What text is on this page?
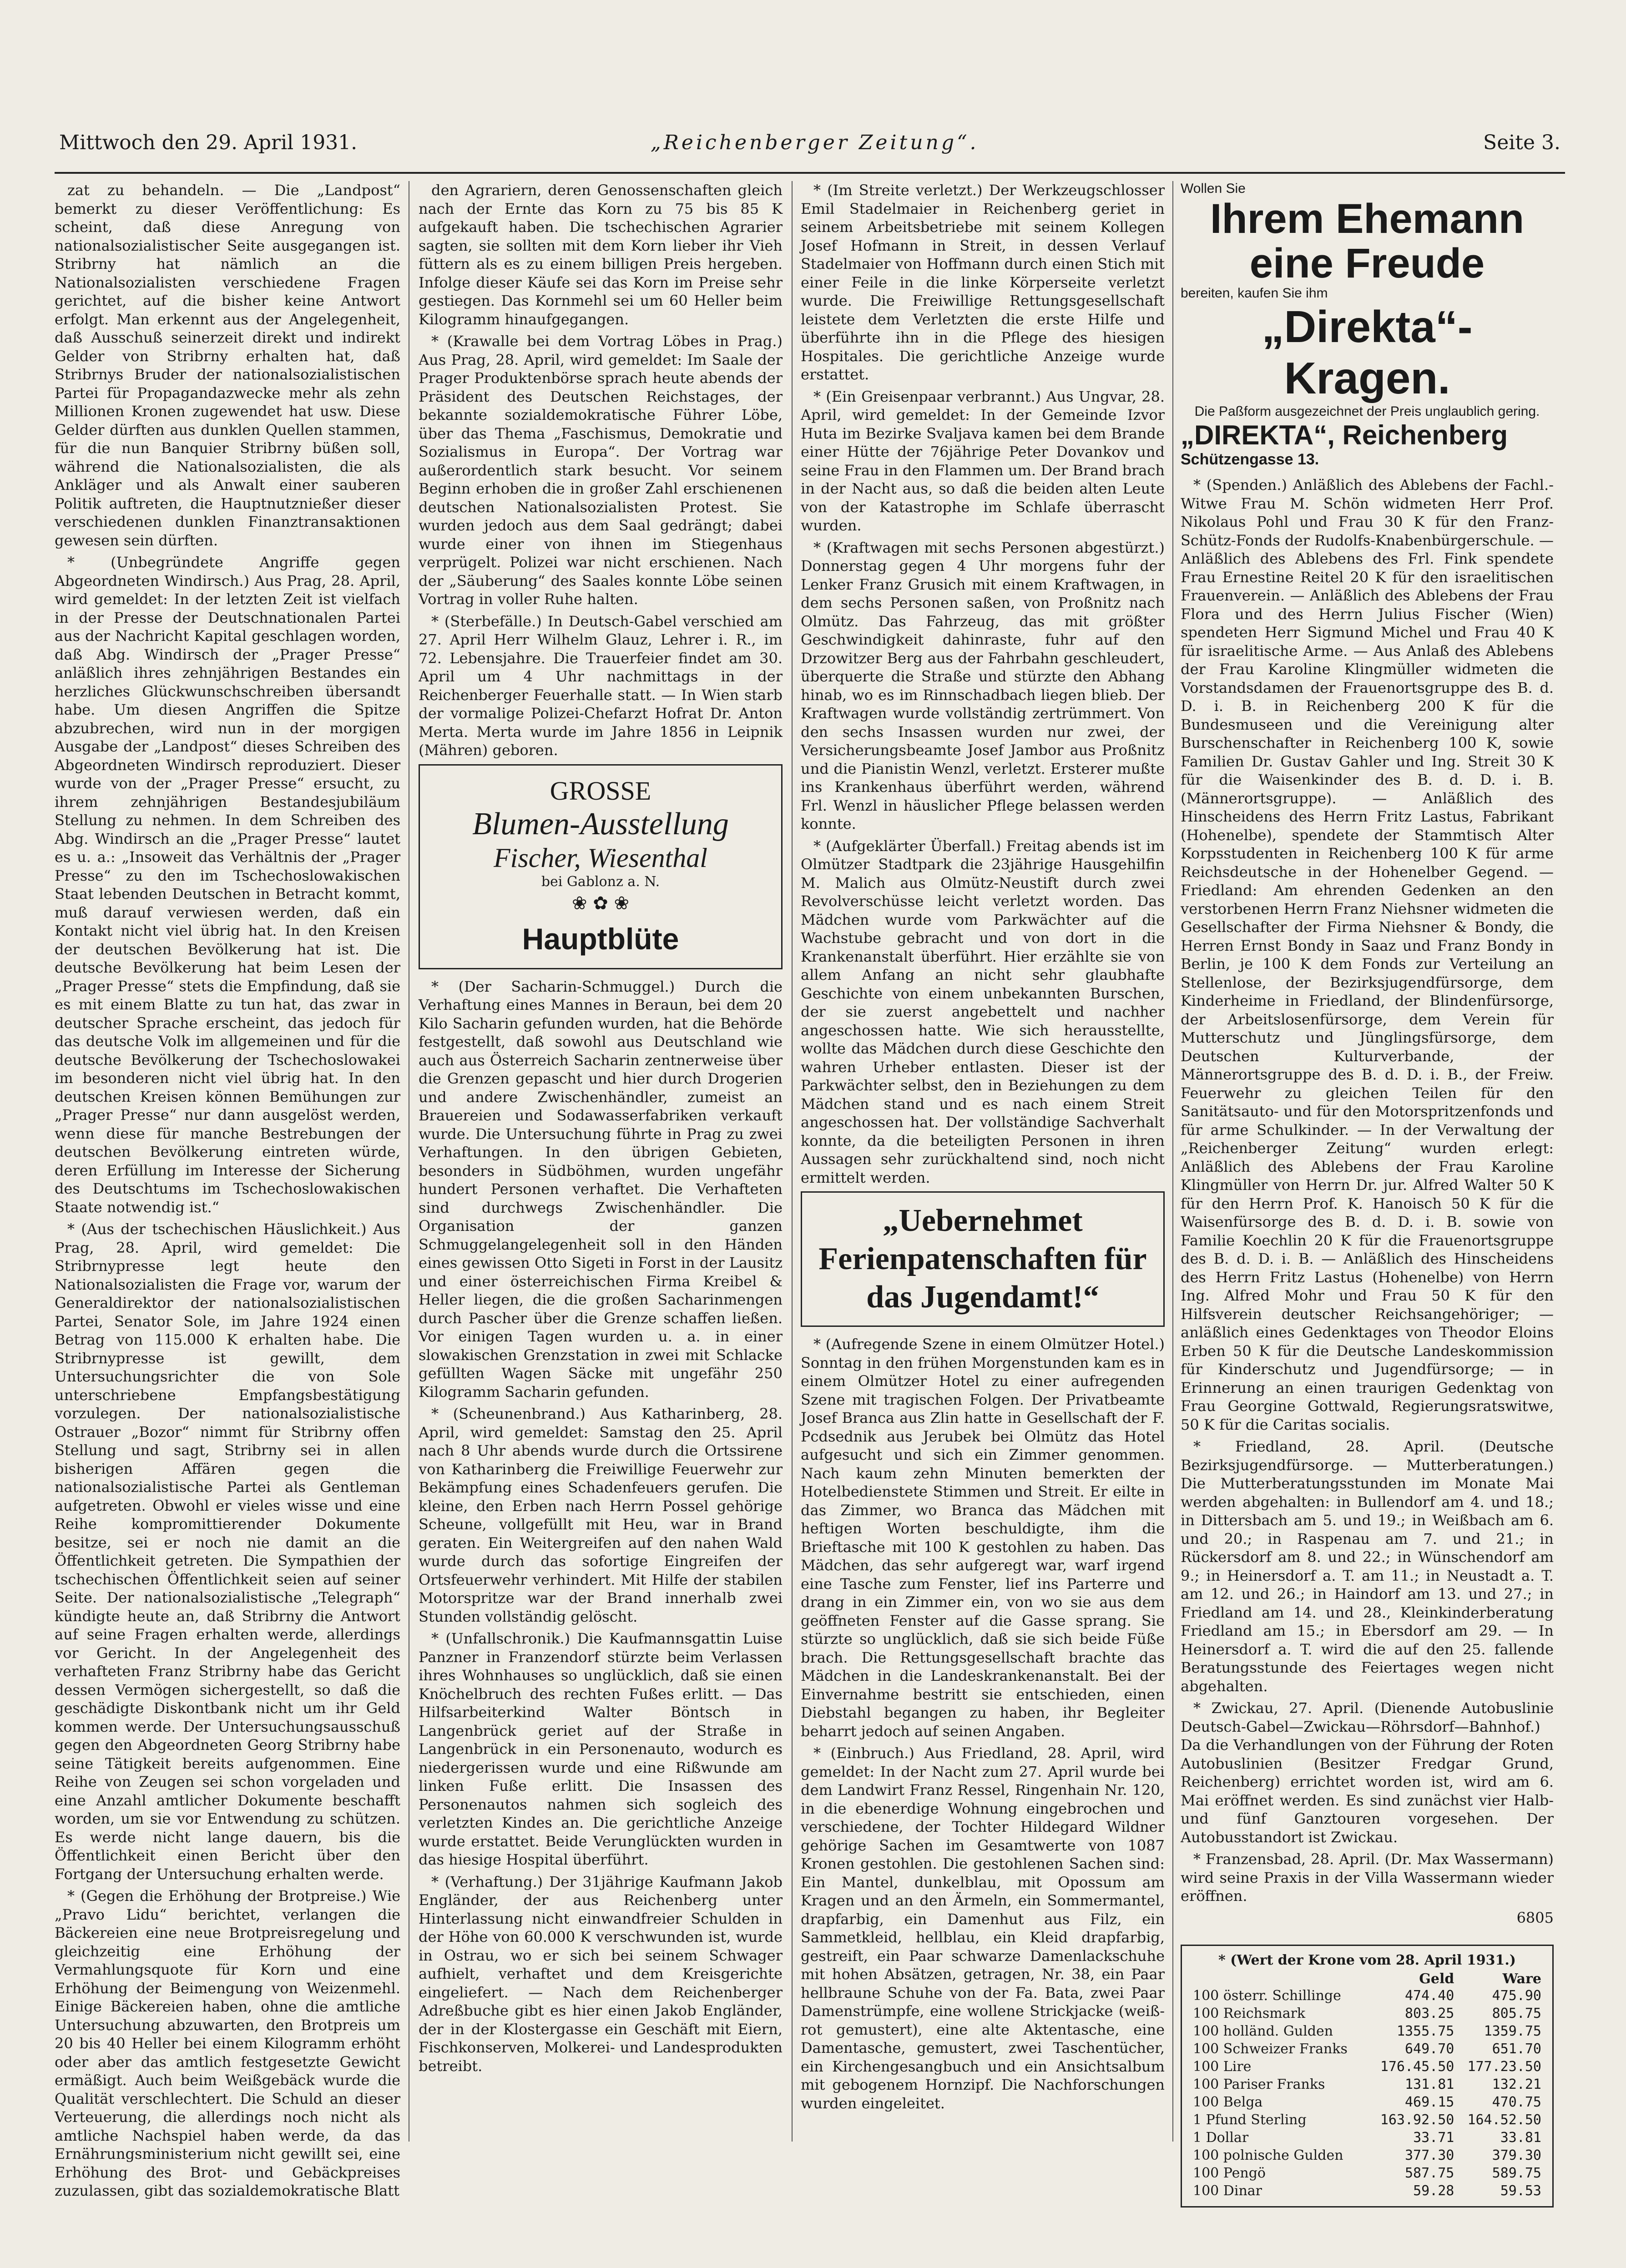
Mittwoch den 29. April 1931.	„Reichenberger Zeitung“.	Seite 3.

zat zu behandeln. — Die „Landpost“ bemerkt zu dieser Veröffentlichung: Es scheint, daß diese Anregung von nationalsozialistischer Seite ausgegangen ist. Stribrny hat nämlich an die Nationalsozialisten verschiedene Fragen gerichtet, auf die bisher keine Antwort erfolgt. Man erkennt aus der Angelegenheit, daß Ausschuß seinerzeit direkt und indirekt Gelder von Stribrny erhalten hat, daß Stribrnys Bruder der nationalsozialistischen Partei für Propagandazwecke mehr als zehn Millionen Kronen zugewendet hat usw. Diese Gelder dürften aus dunklen Quellen stammen, für die nun Banquier Stribrny büßen soll, während die Nationalsozialisten, die als Ankläger und als Anwalt einer sauberen Politik auftreten, die Hauptnutznießer dieser verschiedenen dunklen Finanztransaktionen gewesen sein dürften.

* (Unbegründete Angriffe gegen Abgeordneten Windirsch.) Aus Prag, 28. April, wird gemeldet: In der letzten Zeit ist vielfach in der Presse der Deutschnationalen Partei aus der Nachricht Kapital geschlagen worden, daß Abg. Windirsch der „Prager Presse“ anläßlich ihres zehnjährigen Bestandes ein herzliches Glückwunschschreiben übersandt habe. Um diesen Angriffen die Spitze abzubrechen, wird nun in der morgigen Ausgabe der „Landpost“ dieses Schreiben des Abgeordneten Windirsch reproduziert. Dieser wurde von der „Prager Presse“ ersucht, zu ihrem zehnjährigen Bestandesjubiläum Stellung zu nehmen. In dem Schreiben des Abg. Windirsch an die „Prager Presse“ lautet es u. a.: „Insoweit das Verhältnis der „Prager Presse“ zu den im Tschechoslowakischen Staat lebenden Deutschen in Betracht kommt, muß darauf verwiesen werden, daß ein Kontakt nicht viel übrig hat. In den Kreisen der deutschen Bevölkerung hat ist. Die deutsche Bevölkerung hat beim Lesen der „Prager Presse“ stets die Empfindung, daß sie es mit einem Blatte zu tun hat, das zwar in deutscher Sprache erscheint, das jedoch für das deutsche Volk im allgemeinen und für die deutsche Bevölkerung der Tschechoslowakei im besonderen nicht viel übrig hat. In den deutschen Kreisen können Bemühungen zur „Prager Presse“ nur dann ausgelöst werden, wenn diese für manche Bestrebungen der deutschen Bevölkerung eintreten würde, deren Erfüllung im Interesse der Sicherung des Deutschtums im Tschechoslowakischen Staate notwendig ist.“

* (Aus der tschechischen Häuslichkeit.) Aus Prag, 28. April, wird gemeldet: Die Stribrnypresse legt heute den Nationalsozialisten die Frage vor, warum der Generaldirektor der nationalsozialistischen Partei, Senator Sole, im Jahre 1924 einen Betrag von 115.000 K erhalten habe. Die Stribrnypresse ist gewillt, dem Untersuchungsrichter die von Sole unterschriebene Empfangsbestätigung vorzulegen. Der nationalsozialistische Ostrauer „Bozor“ nimmt für Stribrny offen Stellung und sagt, Stribrny sei in allen bisherigen Affären gegen die nationalsozialistische Partei als Gentleman aufgetreten. Obwohl er vieles wisse und eine Reihe kompromittierender Dokumente besitze, sei er noch nie damit an die Öffentlichkeit getreten. Die Sympathien der tschechischen Öffentlichkeit seien auf seiner Seite. Der nationalsozialistische „Telegraph“ kündigte heute an, daß Stribrny die Antwort auf seine Fragen erhalten werde, allerdings vor Gericht. In der Angelegenheit des verhafteten Franz Stribrny habe das Gericht dessen Vermögen sichergestellt, so daß die geschädigte Diskontbank nicht um ihr Geld kommen werde. Der Untersuchungsausschuß gegen den Abgeordneten Georg Stribrny habe seine Tätigkeit bereits aufgenommen. Eine Reihe von Zeugen sei schon vorgeladen und eine Anzahl amtlicher Dokumente beschafft worden, um sie vor Entwendung zu schützen. Es werde nicht lange dauern, bis die Öffentlichkeit einen Bericht über den Fortgang der Untersuchung erhalten werde.

* (Gegen die Erhöhung der Brotpreise.) Wie „Pravo Lidu“ berichtet, verlangen die Bäckereien eine neue Brotpreisregelung und gleichzeitig eine Erhöhung der Vermahlungsquote für Korn und eine Erhöhung der Beimengung von Weizenmehl. Einige Bäckereien haben, ohne die amtliche Untersuchung abzuwarten, den Brotpreis um 20 bis 40 Heller bei einem Kilogramm erhöht oder aber das amtlich festgesetzte Gewicht ermäßigt. Auch beim Weißgebäck wurde die Qualität verschlechtert. Die Schuld an dieser Verteuerung, die allerdings noch nicht als amtliche Nachspiel haben werde, da das Ernährungsministerium nicht gewillt sei, eine Erhöhung des Brot- und Gebäckpreises zuzulassen, gibt das sozialdemokratische Blatt

den Agrariern, deren Genossenschaften gleich nach der Ernte das Korn zu 75 bis 85 K aufgekauft haben. Die tschechischen Agrarier sagten, sie sollten mit dem Korn lieber ihr Vieh füttern als es zu einem billigen Preis hergeben. Infolge dieser Käufe sei das Korn im Preise sehr gestiegen. Das Kornmehl sei um 60 Heller beim Kilogramm hinaufgegangen.

* (Krawalle bei dem Vortrag Löbes in Prag.) Aus Prag, 28. April, wird gemeldet: Im Saale der Prager Produktenbörse sprach heute abends der Präsident des Deutschen Reichstages, der bekannte sozialdemokratische Führer Löbe, über das Thema „Faschismus, Demokratie und Sozialismus in Europa“. Der Vortrag war außerordentlich stark besucht. Vor seinem Beginn erhoben die in großer Zahl erschienenen deutschen Nationalsozialisten Protest. Sie wurden jedoch aus dem Saal gedrängt; dabei wurde einer von ihnen im Stiegenhaus verprügelt. Polizei war nicht erschienen. Nach der „Säuberung“ des Saales konnte Löbe seinen Vortrag in voller Ruhe halten.

* (Sterbefälle.) In Deutsch-Gabel verschied am 27. April Herr Wilhelm Glauz, Lehrer i. R., im 72. Lebensjahre. Die Trauerfeier findet am 30. April um 4 Uhr nachmittags in der Reichenberger Feuerhalle statt. — In Wien starb der vormalige Polizei-Chefarzt Hofrat Dr. Anton Merta. Merta wurde im Jahre 1856 in Leipnik (Mähren) geboren.

GROSSE
Blumen-Ausstellung
Fischer, Wiesenthal
bei Gablonz a. N.
❀ ✿ ❀
Hauptblüte

* (Der Sacharin-Schmuggel.) Durch die Verhaftung eines Mannes in Beraun, bei dem 20 Kilo Sacharin gefunden wurden, hat die Behörde festgestellt, daß sowohl aus Deutschland wie auch aus Österreich Sacharin zentnerweise über die Grenzen gepascht und hier durch Drogerien und andere Zwischenhändler, zumeist an Brauereien und Sodawasserfabriken verkauft wurde. Die Untersuchung führte in Prag zu zwei Verhaftungen. In den übrigen Gebieten, besonders in Südböhmen, wurden ungefähr hundert Personen verhaftet. Die Verhafteten sind durchwegs Zwischenhändler. Die Organisation der ganzen Schmuggelangelegenheit soll in den Händen eines gewissen Otto Sigeti in Forst in der Lausitz und einer österreichischen Firma Kreibel & Heller liegen, die die großen Sacharinmengen durch Pascher über die Grenze schaffen ließen. Vor einigen Tagen wurden u. a. in einer slowakischen Grenzstation in zwei mit Schlacke gefüllten Wagen Säcke mit ungefähr 250 Kilogramm Sacharin gefunden.

* (Scheunenbrand.) Aus Katharinberg, 28. April, wird gemeldet: Samstag den 25. April nach 8 Uhr abends wurde durch die Ortssirene von Katharinberg die Freiwillige Feuerwehr zur Bekämpfung eines Schadenfeuers gerufen. Die kleine, den Erben nach Herrn Possel gehörige Scheune, vollgefüllt mit Heu, war in Brand geraten. Ein Weitergreifen auf den nahen Wald wurde durch das sofortige Eingreifen der Ortsfeuerwehr verhindert. Mit Hilfe der stabilen Motorspritze war der Brand innerhalb zwei Stunden vollständig gelöscht.

* (Unfallschronik.) Die Kaufmannsgattin Luise Panzner in Franzendorf stürzte beim Verlassen ihres Wohnhauses so unglücklich, daß sie einen Knöchelbruch des rechten Fußes erlitt. — Das Hilfsarbeiterkind Walter Böntsch in Langenbrück geriet auf der Straße in Langenbrück in ein Personenauto, wodurch es niedergerissen wurde und eine Rißwunde am linken Fuße erlitt. Die Insassen des Personenautos nahmen sich sogleich des verletzten Kindes an. Die gerichtliche Anzeige wurde erstattet. Beide Verunglückten wurden in das hiesige Hospital überführt.

* (Verhaftung.) Der 31jährige Kaufmann Jakob Engländer, der aus Reichenberg unter Hinterlassung nicht einwandfreier Schulden in der Höhe von 60.000 K verschwunden ist, wurde in Ostrau, wo er sich bei seinem Schwager aufhielt, verhaftet und dem Kreisgerichte eingeliefert. — Nach dem Reichenberger Adreßbuche gibt es hier einen Jakob Engländer, der in der Klostergasse ein Geschäft mit Eiern, Fischkonserven, Molkerei- und Landesprodukten betreibt.

* (Im Streite verletzt.) Der Werkzeugschlosser Emil Stadelmaier in Reichenberg geriet in seinem Arbeitsbetriebe mit seinem Kollegen Josef Hofmann in Streit, in dessen Verlauf Stadelmaier von Hoffmann durch einen Stich mit einer Feile in die linke Körperseite verletzt wurde. Die Freiwillige Rettungsgesellschaft leistete dem Verletzten die erste Hilfe und überführte ihn in die Pflege des hiesigen Hospitales. Die gerichtliche Anzeige wurde erstattet.

* (Ein Greisenpaar verbrannt.) Aus Ungvar, 28. April, wird gemeldet: In der Gemeinde Izvor Huta im Bezirke Svaljava kamen bei dem Brande einer Hütte der 76jährige Peter Dovankov und seine Frau in den Flammen um. Der Brand brach in der Nacht aus, so daß die beiden alten Leute von der Katastrophe im Schlafe überrascht wurden.

* (Kraftwagen mit sechs Personen abgestürzt.) Donnerstag gegen 4 Uhr morgens fuhr der Lenker Franz Grusich mit einem Kraftwagen, in dem sechs Personen saßen, von Proßnitz nach Olmütz. Das Fahrzeug, das mit größter Geschwindigkeit dahinraste, fuhr auf den Drzowitzer Berg aus der Fahrbahn geschleudert, überquerte die Straße und stürzte den Abhang hinab, wo es im Rinnschadbach liegen blieb. Der Kraftwagen wurde vollständig zertrümmert. Von den sechs Insassen wurden nur zwei, der Versicherungsbeamte Josef Jambor aus Proßnitz und die Pianistin Wenzl, verletzt. Ersterer mußte ins Krankenhaus überführt werden, während Frl. Wenzl in häuslicher Pflege belassen werden konnte.

* (Aufgeklärter Überfall.) Freitag abends ist im Olmützer Stadtpark die 23jährige Hausgehilfin M. Malich aus Olmütz-Neustift durch zwei Revolverschüsse leicht verletzt worden. Das Mädchen wurde vom Parkwächter auf die Wachstube gebracht und von dort in die Krankenanstalt überführt. Hier erzählte sie von allem Anfang an nicht sehr glaubhafte Geschichte von einem unbekannten Burschen, der sie zuerst angebettelt und nachher angeschossen hatte. Wie sich herausstellte, wollte das Mädchen durch diese Geschichte den wahren Urheber entlasten. Dieser ist der Parkwächter selbst, den in Beziehungen zu dem Mädchen stand und es nach einem Streit angeschossen hat. Der vollständige Sachverhalt konnte, da die beteiligten Personen in ihren Aussagen sehr zurückhaltend sind, noch nicht ermittelt werden.

„Uebernehmet Ferienpatenschaften für das Jugendamt!“

* (Aufregende Szene in einem Olmützer Hotel.) Sonntag in den frühen Morgenstunden kam es in einem Olmützer Hotel zu einer aufregenden Szene mit tragischen Folgen. Der Privatbeamte Josef Branca aus Zlin hatte in Gesellschaft der F. Pcdsednik aus Jerubek bei Olmütz das Hotel aufgesucht und sich ein Zimmer genommen. Nach kaum zehn Minuten bemerkten der Hotelbedienstete Stimmen und Streit. Er eilte in das Zimmer, wo Branca das Mädchen mit heftigen Worten beschuldigte, ihm die Brieftasche mit 100 K gestohlen zu haben. Das Mädchen, das sehr aufgeregt war, warf irgend eine Tasche zum Fenster, lief ins Parterre und drang in ein Zimmer ein, von wo sie aus dem geöffneten Fenster auf die Gasse sprang. Sie stürzte so unglücklich, daß sie sich beide Füße brach. Die Rettungsgesellschaft brachte das Mädchen in die Landeskrankenanstalt. Bei der Einvernahme bestritt sie entschieden, einen Diebstahl begangen zu haben, ihr Begleiter beharrt jedoch auf seinen Angaben.

* (Einbruch.) Aus Friedland, 28. April, wird gemeldet: In der Nacht zum 27. April wurde bei dem Landwirt Franz Ressel, Ringenhain Nr. 120, in die ebenerdige Wohnung eingebrochen und verschiedene, der Tochter Hildegard Wildner gehörige Sachen im Gesamtwerte von 1087 Kronen gestohlen. Die gestohlenen Sachen sind: Ein Mantel, dunkelblau, mit Opossum am Kragen und an den Ärmeln, ein Sommermantel, drapfarbig, ein Damenhut aus Filz, ein Sammetkleid, hellblau, ein Kleid drapfarbig, gestreift, ein Paar schwarze Damenlackschuhe mit hohen Absätzen, getragen, Nr. 38, ein Paar hellbraune Schuhe von der Fa. Bata, zwei Paar Damenstrümpfe, eine wollene Strickjacke (weiß-rot gemustert), eine alte Aktentasche, eine Damentasche, gemustert, zwei Taschentücher, ein Kirchengesangbuch und ein Ansichtsalbum mit gebogenem Hornzipf. Die Nachforschungen wurden eingeleitet.

Wollen Sie
Ihrem Ehemann eine Freude
bereiten, kaufen Sie ihm
„Direkta“-Kragen.
Die Paßform ausgezeichnet der Preis unglaublich gering.
„DIREKTA“, Reichenberg
Schützengasse 13.

* (Spenden.) Anläßlich des Ablebens der Fachl.-Witwe Frau M. Schön widmeten Herr Prof. Nikolaus Pohl und Frau 30 K für den Franz-Schütz-Fonds der Rudolfs-Knabenbürgerschule. — Anläßlich des Ablebens des Frl. Fink spendete Frau Ernestine Reitel 20 K für den israelitischen Frauenverein. — Anläßlich des Ablebens der Frau Flora und des Herrn Julius Fischer (Wien) spendeten Herr Sigmund Michel und Frau 40 K für israelitische Arme. — Aus Anlaß des Ablebens der Frau Karoline Klingmüller widmeten die Vorstandsdamen der Frauenortsgruppe des B. d. D. i. B. in Reichenberg 200 K für die Bundesmuseen und die Vereinigung alter Burschenschafter in Reichenberg 100 K, sowie Familien Dr. Gustav Gahler und Ing. Streit 30 K für die Waisenkinder des B. d. D. i. B. (Männerortsgruppe). — Anläßlich des Hinscheidens des Herrn Fritz Lastus, Fabrikant (Hohenelbe), spendete der Stammtisch Alter Korpsstudenten in Reichenberg 100 K für arme Reichsdeutsche in der Hohenelber Gegend. — Friedland: Am ehrenden Gedenken an den verstorbenen Herrn Franz Niehsner widmeten die Gesellschafter der Firma Niehsner & Bondy, die Herren Ernst Bondy in Saaz und Franz Bondy in Berlin, je 100 K dem Fonds zur Verteilung an Stellenlose, der Bezirksjugendfürsorge, dem Kinderheime in Friedland, der Blindenfürsorge, der Arbeitslosenfürsorge, dem Verein für Mutterschutz und Jünglingsfürsorge, dem Deutschen Kulturverbande, der Männerortsgruppe des B. d. D. i. B., der Freiw. Feuerwehr zu gleichen Teilen für den Sanitätsauto- und für den Motorspritzenfonds und für arme Schulkinder. — In der Verwaltung der „Reichenberger Zeitung“ wurden erlegt: Anläßlich des Ablebens der Frau Karoline Klingmüller von Herrn Dr. jur. Alfred Walter 50 K für den Herrn Prof. K. Hanoisch 50 K für die Waisenfürsorge des B. d. D. i. B. sowie von Familie Koechlin 20 K für die Frauenortsgruppe des B. d. D. i. B. — Anläßlich des Hinscheidens des Herrn Fritz Lastus (Hohenelbe) von Herrn Ing. Alfred Mohr und Frau 50 K für den Hilfsverein deutscher Reichsangehöriger; — anläßlich eines Gedenktages von Theodor Eloins Erben 50 K für die Deutsche Landeskommission für Kinderschutz und Jugendfürsorge; — in Erinnerung an einen traurigen Gedenktag von Frau Georgine Gottwald, Regierungsratswitwe, 50 K für die Caritas socialis.

* Friedland, 28. April. (Deutsche Bezirksjugendfürsorge. — Mutterberatungen.) Die Mutterberatungsstunden im Monate Mai werden abgehalten: in Bullendorf am 4. und 18.; in Dittersbach am 5. und 19.; in Weißbach am 6. und 20.; in Raspenau am 7. und 21.; in Rückersdorf am 8. und 22.; in Wünschendorf am 9.; in Heinersdorf a. T. am 11.; in Neustadt a. T. am 12. und 26.; in Haindorf am 13. und 27.; in Friedland am 14. und 28., Kleinkinderberatung Friedland am 15.; in Ebersdorf am 29. — In Heinersdorf a. T. wird die auf den 25. fallende Beratungsstunde des Feiertages wegen nicht abgehalten.

* Zwickau, 27. April. (Dienende Autobuslinie Deutsch-Gabel—Zwickau—Röhrsdorf—Bahnhof.) Da die Verhandlungen von der Führung der Roten Autobuslinien (Besitzer Fredgar Grund, Reichenberg) errichtet worden ist, wird am 6. Mai eröffnet werden. Es sind zunächst vier Halb- und fünf Ganztouren vorgesehen. Der Autobusstandort ist Zwickau.

* Franzensbad, 28. April. (Dr. Max Wassermann) wird seine Praxis in der Villa Wassermann wieder eröffnen.

6805
* (Wert der Krone vom 28. April 1931.)
	Geld	Ware
100 österr. Schillinge	474.40	475.90
100 Reichsmark	803.25	805.75
100 holländ. Gulden	1355.75	1359.75
100 Schweizer Franks	649.70	651.70
100 Lire	176.45.50	177.23.50
100 Pariser Franks	131.81	132.21
100 Belga	469.15	470.75
1 Pfund Sterling	163.92.50	164.52.50
1 Dollar	33.71	33.81
100 polnische Gulden	377.30	379.30
100 Pengö	587.75	589.75
100 Dinar	59.28	59.53
